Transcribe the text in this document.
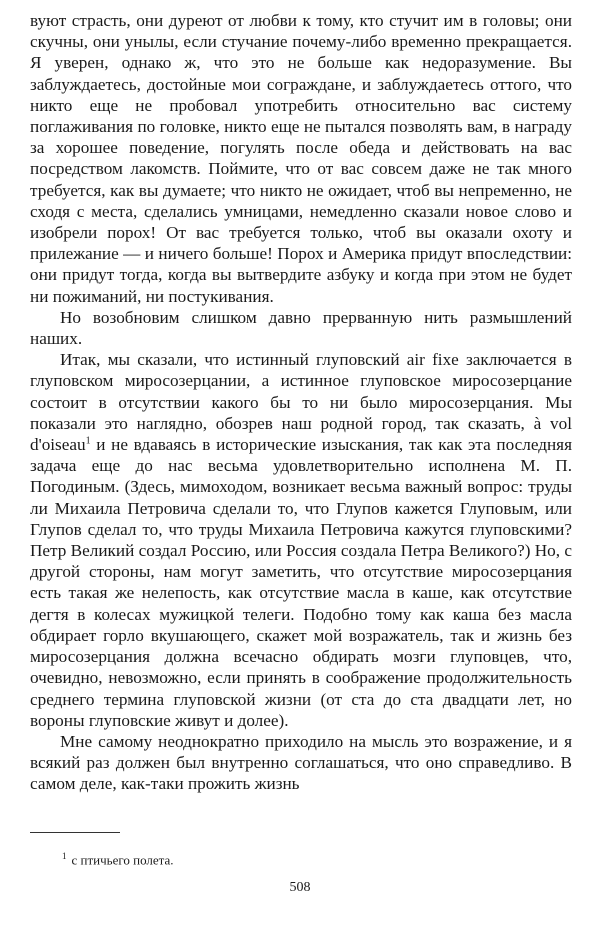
вуют страсть, они дуреют от любви к тому, кто стучит им в головы; они скучны, они унылы, если стучание почему-либо временно прекращается. Я уверен, однако ж, что это не больше как недоразумение. Вы заблуждаетесь, достойные мои сограждане, и заблуждаетесь оттого, что никто еще не пробовал употребить относительно вас систему поглаживания по головке, никто еще не пытался позволять вам, в награду за хорошее поведение, погулять после обеда и действовать на вас посредством лакомств. Поймите, что от вас совсем даже не так много требуется, как вы думаете; что никто не ожидает, чтоб вы непременно, не сходя с места, сделались умницами, немедленно сказали новое слово и изобрели порох! От вас требуется только, чтоб вы оказали охоту и прилежание — и ничего больше! Порох и Америка придут впоследствии: они придут тогда, когда вы вытвердите азбуку и когда при этом не будет ни пожиманий, ни постукивания.

Но возобновим слишком давно прерванную нить размышлений наших.

Итак, мы сказали, что истинный глуповский air fixe заключается в глуповском миросозерцании, а истинное глуповское миросозерцание состоит в отсутствии какого бы то ни было миросозерцания. Мы показали это наглядно, обозрев наш родной город, так сказать, à vol d'oiseau$^1$ и не вдаваясь в исторические изыскания, так как эта последняя задача еще до нас весьма удовлетворительно исполнена М. П. Погодиным. (Здесь, мимоходом, возникает весьма важный вопрос: труды ли Михаила Петровича сделали то, что Глупов кажется Глуповым, или Глупов сделал то, что труды Михаила Петровича кажутся глуповскими? Петр Великий создал Россию, или Россия создала Петра Великого?) Но, с другой стороны, нам могут заметить, что отсутствие миросозерцания есть такая же нелепость, как отсутствие масла в каше, как отсутствие дегтя в колесах мужицкой телеги. Подобно тому как каша без масла обдирает горло вкушающего, скажет мой возражатель, так и жизнь без миросозерцания должна всечасно обдирать мозги глуповцев, что, очевидно, невозможно, если принять в соображение продолжительность среднего термина глуповской жизни (от ста до ста двадцати лет, но вороны глуповские живут и долее).

Мне самому неоднократно приходило на мысль это возражение, и я всякий раз должен был внутренно соглашаться, что оно справедливо. В самом деле, как-таки прожить жизнь

$^1$ с птичьего полета.
508
